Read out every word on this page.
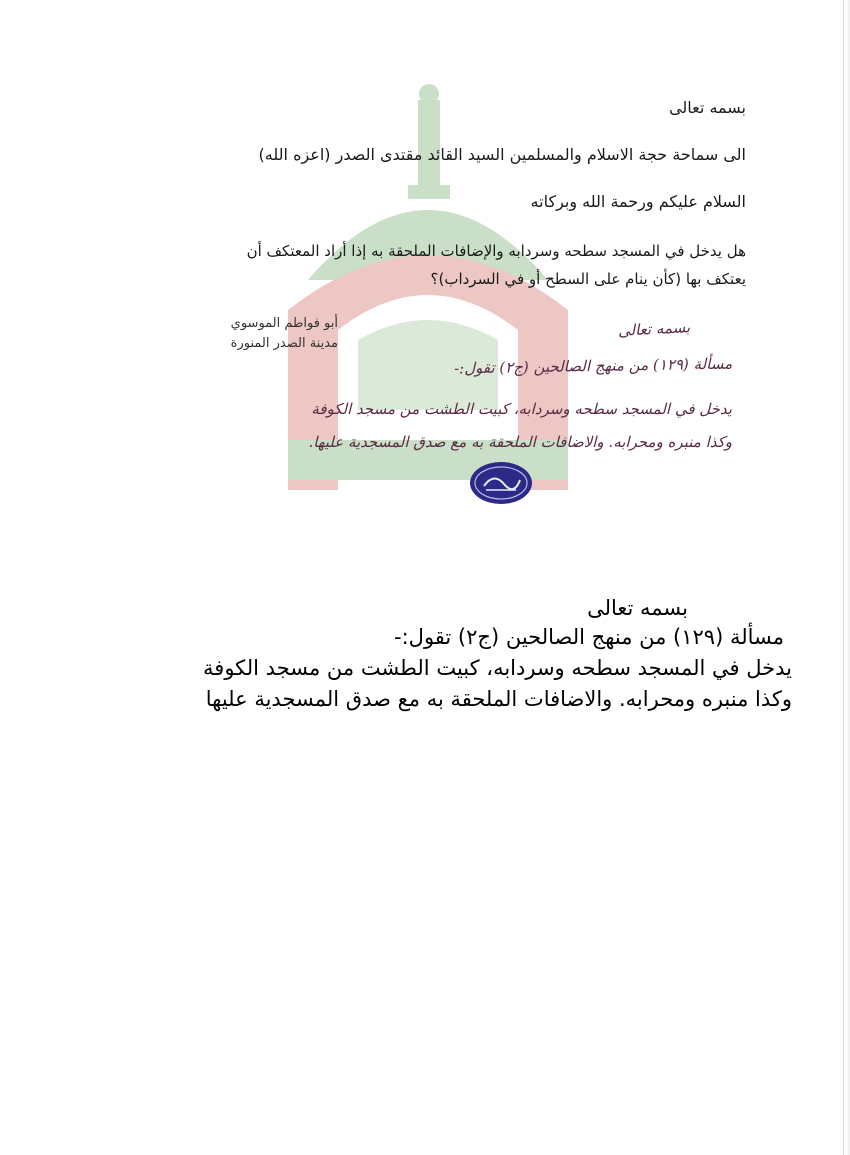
بسمه تعالى
الى سماحة حجة الاسلام والمسلمين السيد القائد مقتدى الصدر (اعزه الله)
السلام عليكم ورحمة الله وبركاته
هل يدخل في المسجد سطحه وسردابه والإضافات الملحقة به إذا أراد المعتكف أن
يعتكف بها (كأن ينام على السطح أو في السرداب)؟
أبو فواطم الموسوي
مدينة الصدر المنورة
بسمه تعالى
مسألة (١٢٩) من منهج الصالحين (ج٢) تقول:-
يدخل في المسجد سطحه وسردابه، كبيت الطشت من مسجد الكوفة
وكذا منبره ومحرابه. والاضافات الملحقة به مع صدق المسجدية عليها.
بسمه تعالى
مسألة (١٢٩) من منهج الصالحين (ج٢) تقول:-
يدخل في المسجد سطحه وسردابه، كبيت الطشت من مسجد الكوفة
وكذا منبره ومحرابه. والاضافات الملحقة به مع صدق المسجدية عليها
